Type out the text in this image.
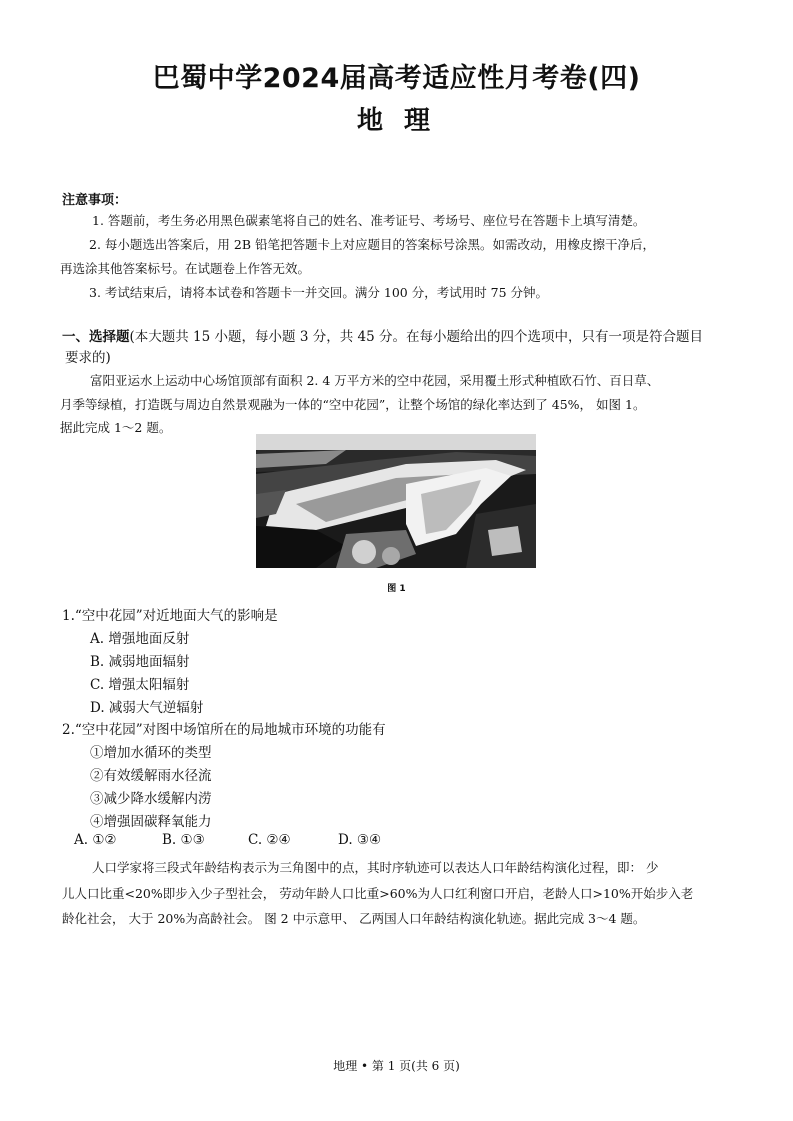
巴蜀中学2024届高考适应性月考卷(四)
地 理
注意事项：
1. 答题前，考生务必用黑色碳素笔将自己的姓名、准考证号、考场号、座位号在答题卡上填写清楚。
2. 每小题选出答案后，用 2B 铅笔把答题卡上对应题目的答案标号涂黑。如需改动，用橡皮擦干净后，
再选涂其他答案标号。在试题卷上作答无效。
3. 考试结束后，请将本试卷和答题卡一并交回。满分 100 分，考试用时 75 分钟。
一、选择题(本大题共 15 小题，每小题 3 分，共 45 分。在每小题给出的四个选项中，只有一项是符合题目
要求的)
富阳亚运水上运动中心场馆顶部有面积 2. 4 万平方米的空中花园，采用覆土形式种植欧石竹、百日草、
月季等绿植，打造既与周边自然景观融为一体的“空中花园”，让整个场馆的绿化率达到了 45%， 如图 1。
据此完成 1～2 题。
图 1
1.“空中花园”对近地面大气的影响是
A. 增强地面反射
B. 减弱地面辐射
C. 增强太阳辐射
D. 减弱大气逆辐射
2.“空中花园”对图中场馆所在的局地城市环境的功能有
①增加水循环的类型
②有效缓解雨水径流
③减少降水缓解内涝
④增强固碳释氧能力
A. ①②	B. ①③	C. ②④	D. ③④
人口学家将三段式年龄结构表示为三角图中的点，其时序轨迹可以表达人口年龄结构演化过程，即： 少
儿人口比重<20%即步入少子型社会， 劳动年龄人口比重>60%为人口红利窗口开启，老龄人口>10%开始步入老
龄化社会， 大于 20%为高龄社会。 图 2 中示意甲、 乙两国人口年龄结构演化轨迹。据此完成 3～4 题。
地理 • 第 1 页(共 6 页)
